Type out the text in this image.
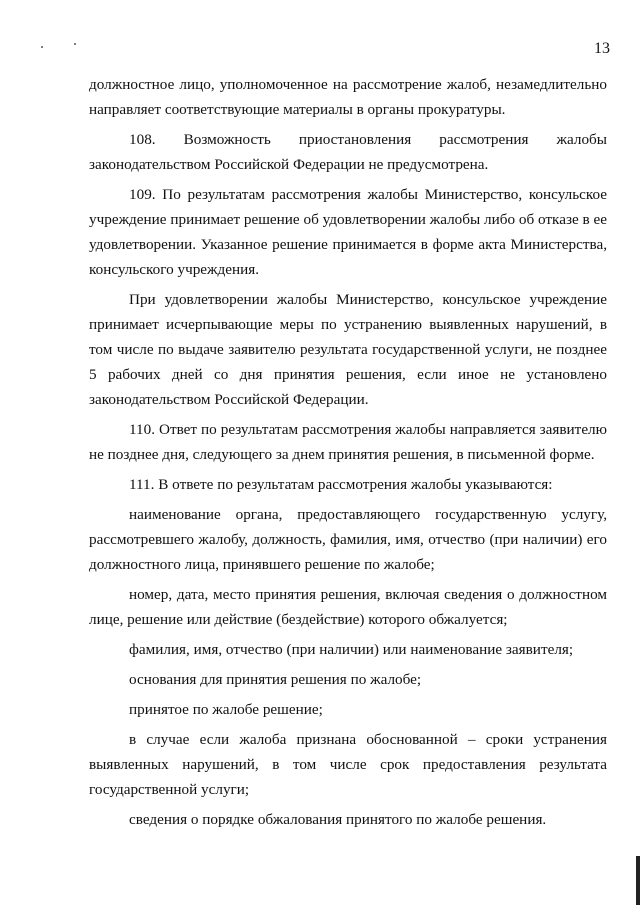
13

должностное лицо, уполномоченное на рассмотрение жалоб, незамедлительно направляет соответствующие материалы в органы прокуратуры.

108. Возможность приостановления рассмотрения жалобы законодательством Российской Федерации не предусмотрена.

109. По результатам рассмотрения жалобы Министерство, консульское учреждение принимает решение об удовлетворении жалобы либо об отказе в ее удовлетворении. Указанное решение принимается в форме акта Министерства, консульского учреждения.

При удовлетворении жалобы Министерство, консульское учреждение принимает исчерпывающие меры по устранению выявленных нарушений, в том числе по выдаче заявителю результата государственной услуги, не позднее 5 рабочих дней со дня принятия решения, если иное не установлено законодательством Российской Федерации.

110. Ответ по результатам рассмотрения жалобы направляется заявителю не позднее дня, следующего за днем принятия решения, в письменной форме.

111. В ответе по результатам рассмотрения жалобы указываются:

наименование органа, предоставляющего государственную услугу, рассмотревшего жалобу, должность, фамилия, имя, отчество (при наличии) его должностного лица, принявшего решение по жалобе;

номер, дата, место принятия решения, включая сведения о должностном лице, решение или действие (бездействие) которого обжалуется;

фамилия, имя, отчество (при наличии) или наименование заявителя;

основания для принятия решения по жалобе;

принятое по жалобе решение;

в случае если жалоба признана обоснованной – сроки устранения выявленных нарушений, в том числе срок предоставления результата государственной услуги;

сведения о порядке обжалования принятого по жалобе решения.
